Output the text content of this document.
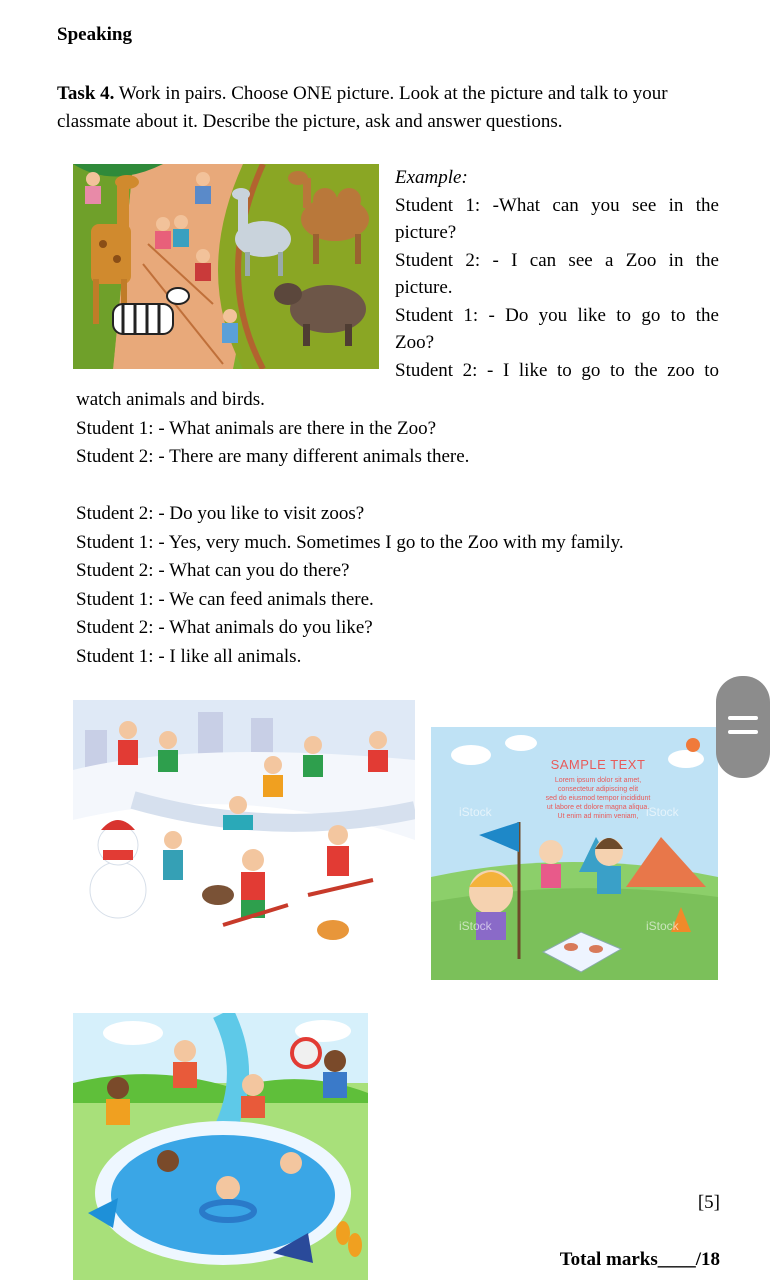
Speaking
Task 4. Work in pairs. Choose ONE picture. Look at the picture and talk to your classmate about it. Describe the picture, ask and answer questions.
Example:
Student 1: -What can you see in the
picture?
Student 2: - I can see a Zoo in the
picture.
Student 1: - Do you like to go to the
Zoo?
Student 2: - I like to go to the zoo to
watch animals and birds.
Student 1: - What animals are there in the Zoo?
Student 2: - There are many different animals there.
Student 2: - Do you like to visit zoos?
Student 1: - Yes, very much. Sometimes I go to the Zoo with my family.
Student 2: - What can you do there?
Student 1: - We can feed animals there.
Student 2: - What animals do you like?
Student 1: - I like all animals.
SAMPLE TEXT
Lorem ipsum dolor sit amet,
consectetur adipiscing elit
sed do eiusmod tempor incididunt
ut labore et dolore magna aliqua.
Ut enim ad minim veniam,
iStock	iStock
iStock	iStock
[5]
Total marks____/18
